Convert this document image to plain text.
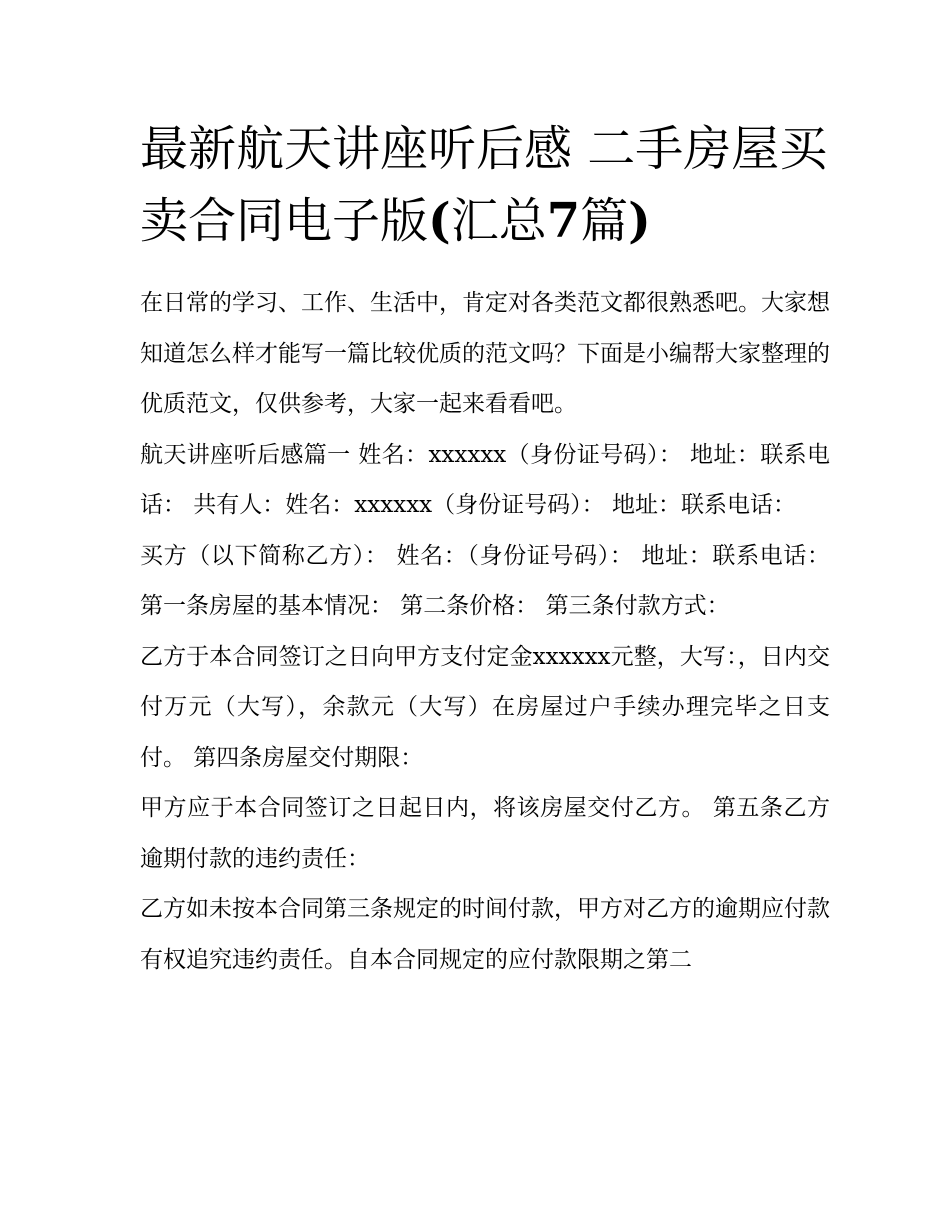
最新航天讲座听后感 二手房屋买卖合同电子版(汇总7篇)

在日常的学习、工作、生活中，肯定对各类范文都很熟悉吧。大家想知道怎么样才能写一篇比较优质的范文吗？下面是小编帮大家整理的优质范文，仅供参考，大家一起来看看吧。

航天讲座听后感篇一 姓名：xxxxxx（身份证号码）： 地址：联系电话： 共有人：姓名：xxxxxx（身份证号码）： 地址：联系电话：

买方（以下简称乙方）： 姓名：（身份证号码）： 地址：联系电话： 第一条房屋的基本情况： 第二条价格： 第三条付款方式：

乙方于本合同签订之日向甲方支付定金xxxxxx元整，大写：，日内交付万元（大写），余款元（大写）在房屋过户手续办理完毕之日支付。 第四条房屋交付期限：

甲方应于本合同签订之日起日内，将该房屋交付乙方。 第五条乙方逾期付款的违约责任：

乙方如未按本合同第三条规定的时间付款，甲方对乙方的逾期应付款有权追究违约责任。自本合同规定的应付款限期之第二
